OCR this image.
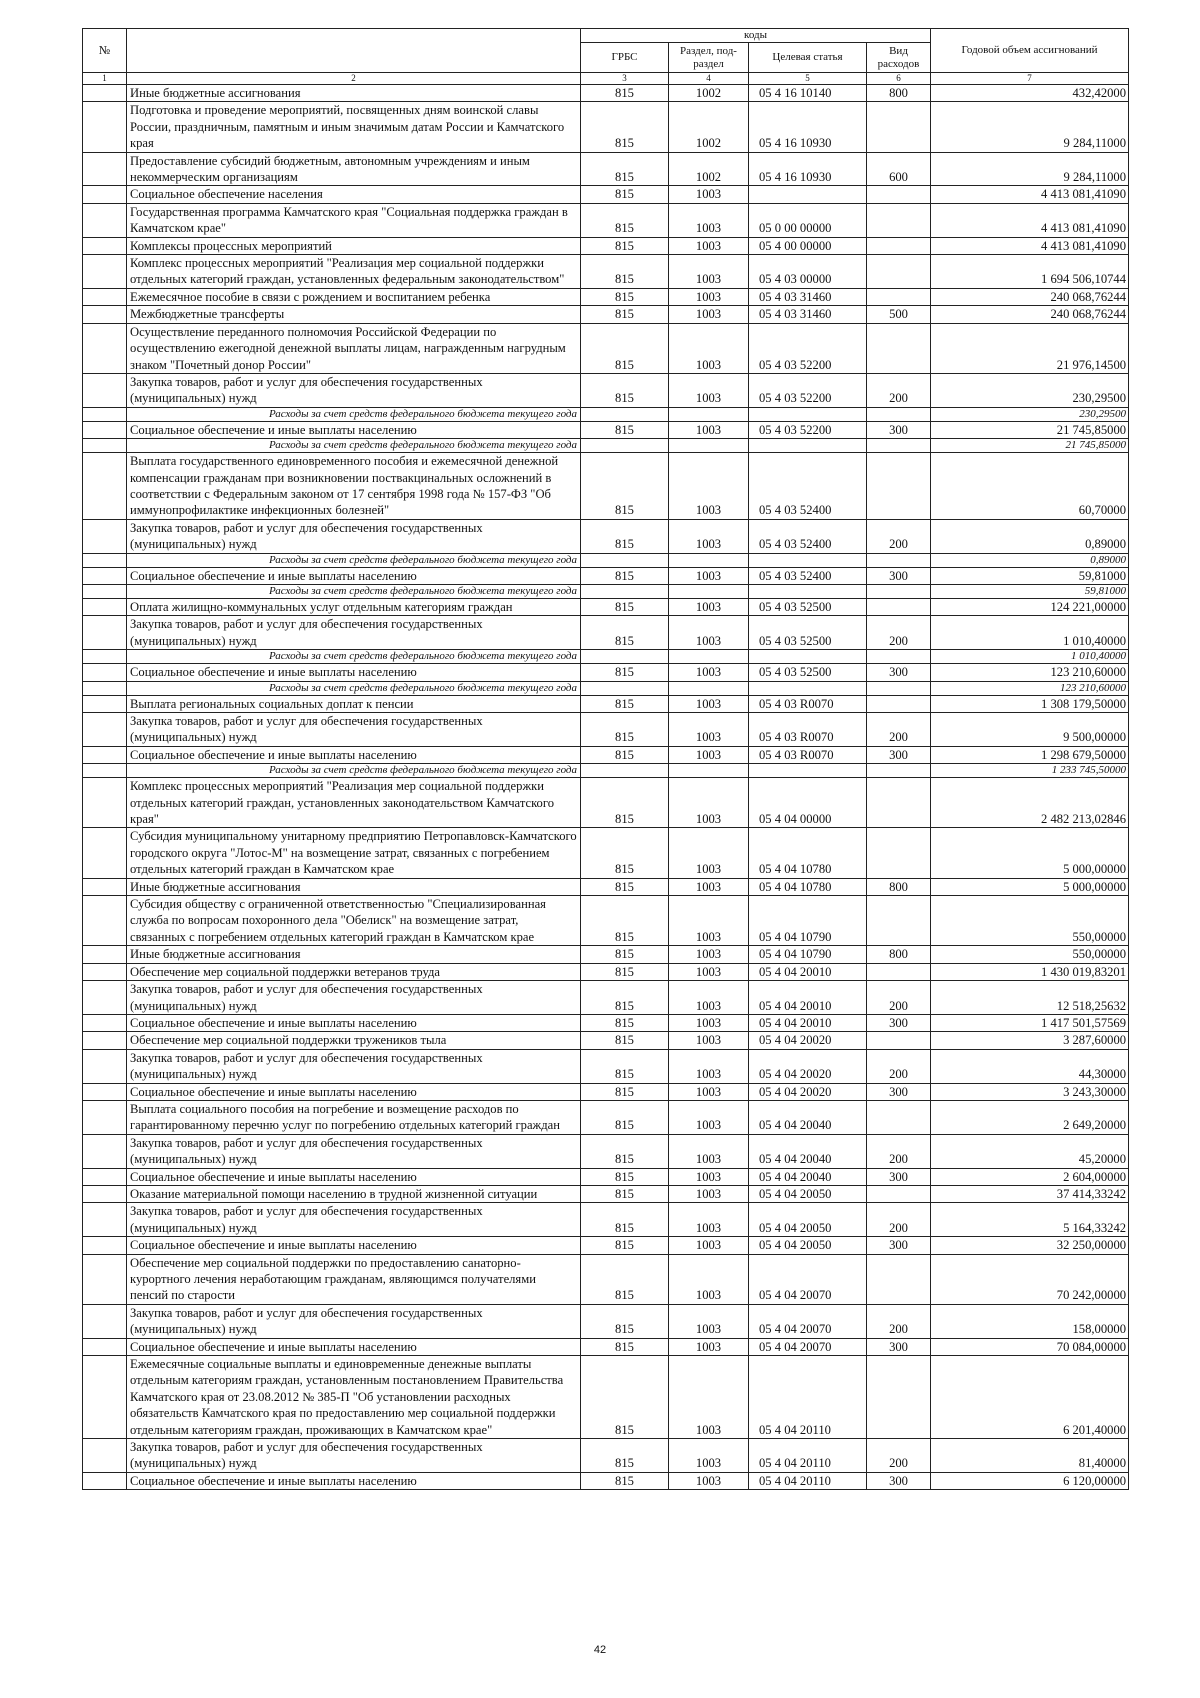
№		коды				Годовой объем ассигнований
		ГРБС	Раздел, под-раздел	Целевая статья	Вид расходов	
1	2	3	4	5	6	7
	Иные бюджетные ассигнования	815	1002	05 4 16 10140	800	432,42000
	Подготовка и проведение мероприятий, посвященных дням воинской славы России, праздничным, памятным и иным значимым датам России и Камчатского края	815	1002	05 4 16 10930		9 284,11000
	Предоставление субсидий бюджетным, автономным учреждениям и иным некоммерческим организациям	815	1002	05 4 16 10930	600	9 284,11000
	Социальное обеспечение населения	815	1003			4 413 081,41090
	Государственная программа Камчатского края "Социальная поддержка граждан в Камчатском крае"	815	1003	05 0 00 00000		4 413 081,41090
	Комплексы процессных мероприятий	815	1003	05 4 00 00000		4 413 081,41090
	Комплекс процессных мероприятий "Реализация мер социальной поддержки отдельных категорий граждан, установленных федеральным законодательством"	815	1003	05 4 03 00000		1 694 506,10744
	Ежемесячное пособие в связи с рождением и воспитанием ребенка	815	1003	05 4 03 31460		240 068,76244
	Межбюджетные трансферты	815	1003	05 4 03 31460	500	240 068,76244
	Осуществление переданного полномочия Российской Федерации по осуществлению ежегодной денежной выплаты лицам, награжденным нагрудным знаком "Почетный донор России"	815	1003	05 4 03 52200		21 976,14500
	Закупка товаров, работ и услуг для обеспечения государственных (муниципальных) нужд	815	1003	05 4 03 52200	200	230,29500
	Расходы за счет средств федерального бюджета текущего года					230,29500
	Социальное обеспечение и иные выплаты населению	815	1003	05 4 03 52200	300	21 745,85000
	Расходы за счет средств федерального бюджета текущего года					21 745,85000
	Выплата государственного единовременного пособия и ежемесячной денежной компенсации гражданам при возникновении поствакцинальных осложнений в соответствии с Федеральным законом от 17 сентября 1998 года № 157-ФЗ "Об иммунопрофилактике инфекционных болезней"	815	1003	05 4 03 52400		60,70000
	Закупка товаров, работ и услуг для обеспечения государственных (муниципальных) нужд	815	1003	05 4 03 52400	200	0,89000
	Расходы за счет средств федерального бюджета текущего года					0,89000
	Социальное обеспечение и иные выплаты населению	815	1003	05 4 03 52400	300	59,81000
	Расходы за счет средств федерального бюджета текущего года					59,81000
	Оплата жилищно-коммунальных услуг отдельным категориям граждан	815	1003	05 4 03 52500		124 221,00000
	Закупка товаров, работ и услуг для обеспечения государственных (муниципальных) нужд	815	1003	05 4 03 52500	200	1 010,40000
	Расходы за счет средств федерального бюджета текущего года					1 010,40000
	Социальное обеспечение и иные выплаты населению	815	1003	05 4 03 52500	300	123 210,60000
	Расходы за счет средств федерального бюджета текущего года					123 210,60000
	Выплата региональных социальных доплат к пенсии	815	1003	05 4 03 R0070		1 308 179,50000
	Закупка товаров, работ и услуг для обеспечения государственных (муниципальных) нужд	815	1003	05 4 03 R0070	200	9 500,00000
	Социальное обеспечение и иные выплаты населению	815	1003	05 4 03 R0070	300	1 298 679,50000
	Расходы за счет средств федерального бюджета текущего года					1 233 745,50000
	Комплекс процессных мероприятий "Реализация мер социальной поддержки отдельных категорий граждан, установленных законодательством Камчатского края"	815	1003	05 4 04 00000		2 482 213,02846
	Субсидия муниципальному унитарному предприятию Петропавловск-Камчатского городского округа "Лотос-М" на возмещение затрат, связанных с погребением отдельных категорий граждан в Камчатском крае	815	1003	05 4 04 10780		5 000,00000
	Иные бюджетные ассигнования	815	1003	05 4 04 10780	800	5 000,00000
	Субсидия обществу с ограниченной ответственностью "Специализированная служба по вопросам похоронного дела "Обелиск" на возмещение затрат, связанных с погребением отдельных категорий граждан в Камчатском крае	815	1003	05 4 04 10790		550,00000
	Иные бюджетные ассигнования	815	1003	05 4 04 10790	800	550,00000
	Обеспечение мер социальной поддержки ветеранов труда	815	1003	05 4 04 20010		1 430 019,83201
	Закупка товаров, работ и услуг для обеспечения государственных (муниципальных) нужд	815	1003	05 4 04 20010	200	12 518,25632
	Социальное обеспечение и иные выплаты населению	815	1003	05 4 04 20010	300	1 417 501,57569
	Обеспечение мер социальной поддержки тружеников тыла	815	1003	05 4 04 20020		3 287,60000
	Закупка товаров, работ и услуг для обеспечения государственных (муниципальных) нужд	815	1003	05 4 04 20020	200	44,30000
	Социальное обеспечение и иные выплаты населению	815	1003	05 4 04 20020	300	3 243,30000
	Выплата социального пособия на погребение и возмещение расходов по гарантированному перечню услуг по погребению отдельных категорий граждан	815	1003	05 4 04 20040		2 649,20000
	Закупка товаров, работ и услуг для обеспечения государственных (муниципальных) нужд	815	1003	05 4 04 20040	200	45,20000
	Социальное обеспечение и иные выплаты населению	815	1003	05 4 04 20040	300	2 604,00000
	Оказание материальной помощи населению в трудной жизненной ситуации	815	1003	05 4 04 20050		37 414,33242
	Закупка товаров, работ и услуг для обеспечения государственных (муниципальных) нужд	815	1003	05 4 04 20050	200	5 164,33242
	Социальное обеспечение и иные выплаты населению	815	1003	05 4 04 20050	300	32 250,00000
	Обеспечение мер социальной поддержки по предоставлению санаторно-курортного лечения неработающим гражданам, являющимся получателями пенсий по старости	815	1003	05 4 04 20070		70 242,00000
	Закупка товаров, работ и услуг для обеспечения государственных (муниципальных) нужд	815	1003	05 4 04 20070	200	158,00000
	Социальное обеспечение и иные выплаты населению	815	1003	05 4 04 20070	300	70 084,00000
	Ежемесячные социальные выплаты и единовременные денежные выплаты отдельным категориям граждан, установленным постановлением Правительства Камчатского края от 23.08.2012 № 385-П "Об установлении расходных обязательств Камчатского края по предоставлению мер социальной поддержки отдельным категориям граждан, проживающих в Камчатском крае"	815	1003	05 4 04 20110		6 201,40000
	Закупка товаров, работ и услуг для обеспечения государственных (муниципальных) нужд	815	1003	05 4 04 20110	200	81,40000
	Социальное обеспечение и иные выплаты населению	815	1003	05 4 04 20110	300	6 120,00000
42
